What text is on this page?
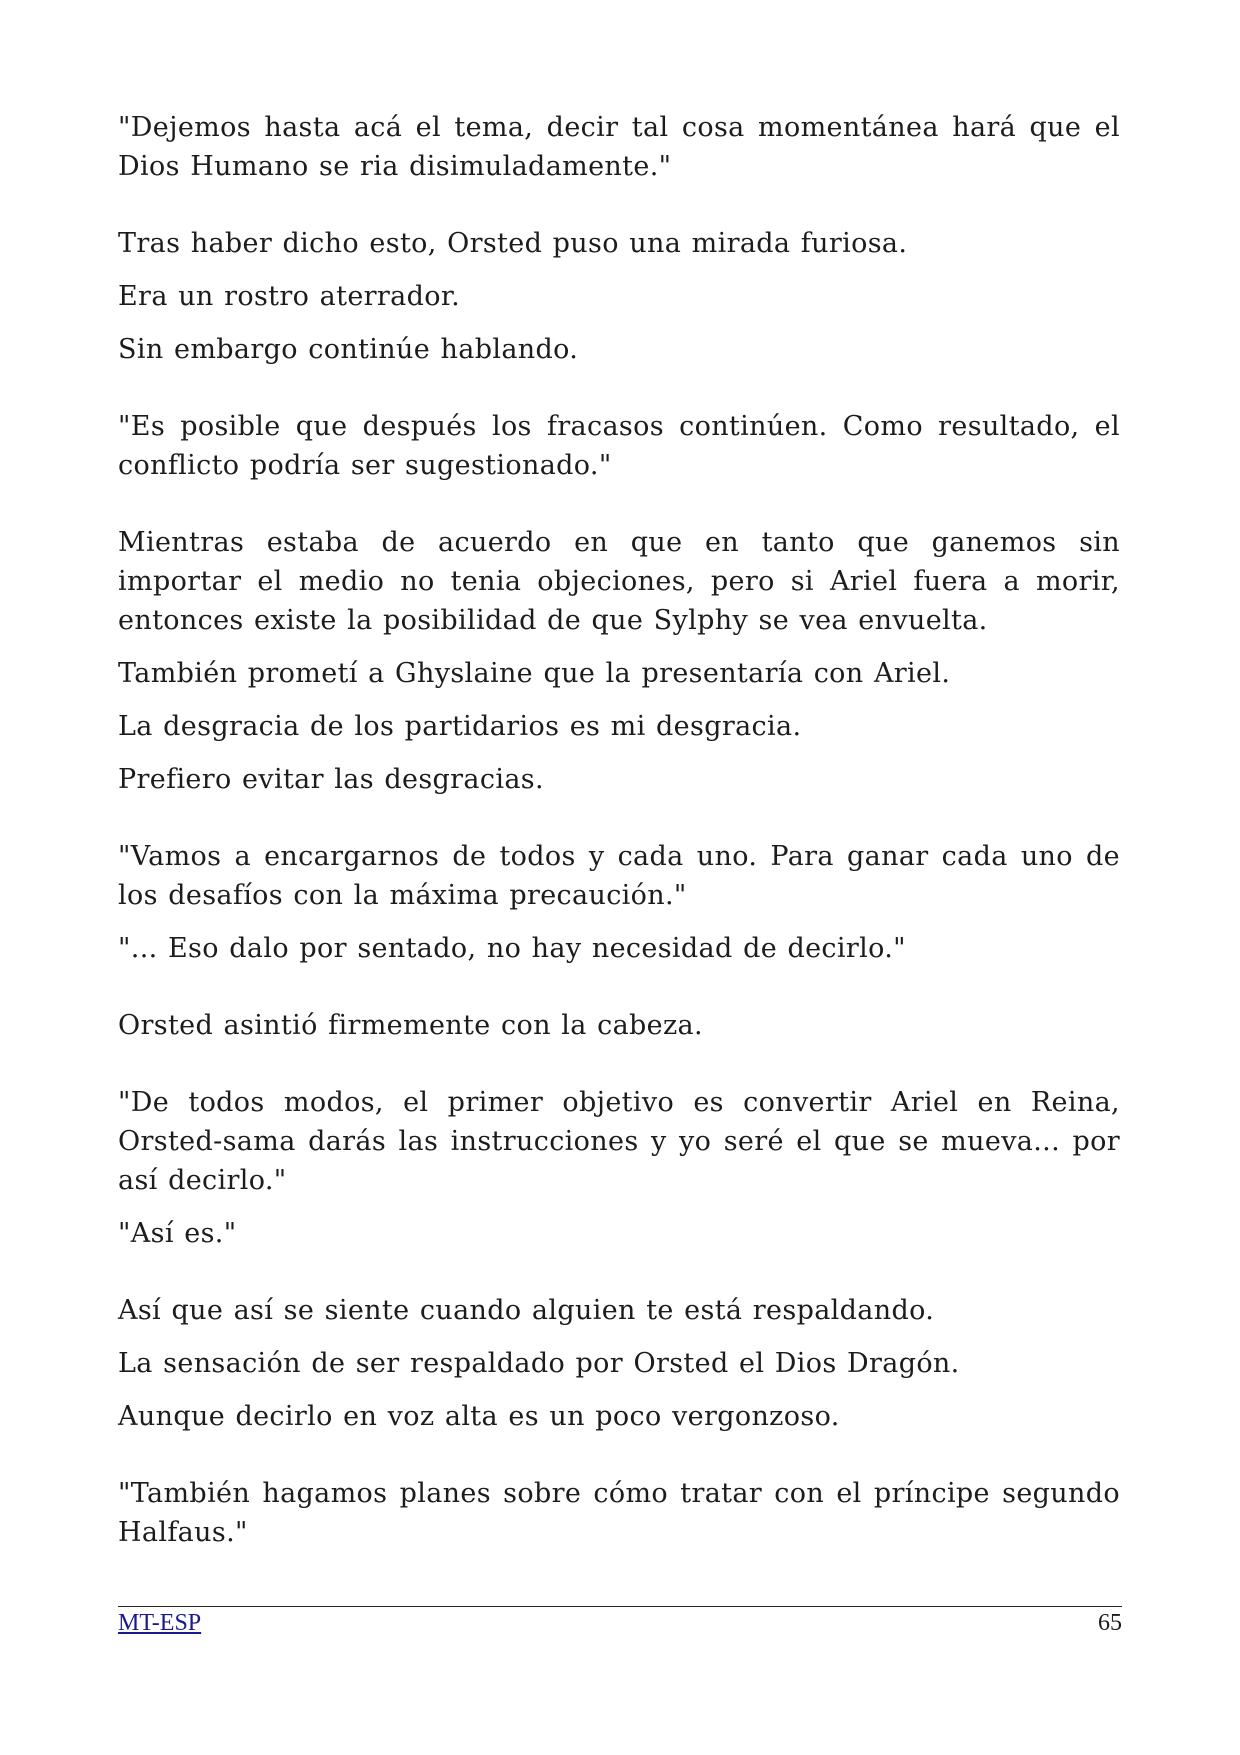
"Dejemos hasta acá el tema, decir tal cosa momentánea hará que el Dios Humano se ria disimuladamente."

Tras haber dicho esto, Orsted puso una mirada furiosa.

Era un rostro aterrador.

Sin embargo continúe hablando.

"Es posible que después los fracasos continúen. Como resultado, el conflicto podría ser sugestionado."

Mientras estaba de acuerdo en que en tanto que ganemos sin importar el medio no tenia objeciones, pero si Ariel fuera a morir, entonces existe la posibilidad de que Sylphy se vea envuelta.

También prometí a Ghyslaine que la presentaría con Ariel.

La desgracia de los partidarios es mi desgracia.

Prefiero evitar las desgracias.

"Vamos a encargarnos de todos y cada uno. Para ganar cada uno de los desafíos con la máxima precaución."

"... Eso dalo por sentado, no hay necesidad de decirlo."

Orsted asintió firmemente con la cabeza.

"De todos modos, el primer objetivo es convertir Ariel en Reina, Orsted-sama darás las instrucciones y yo seré el que se mueva... por así decirlo."

"Así es."

Así que así se siente cuando alguien te está respaldando.

La sensación de ser respaldado por Orsted el Dios Dragón.

Aunque decirlo en voz alta es un poco vergonzoso.

"También hagamos planes sobre cómo tratar con el príncipe segundo Halfaus."

MT-ESP	65
